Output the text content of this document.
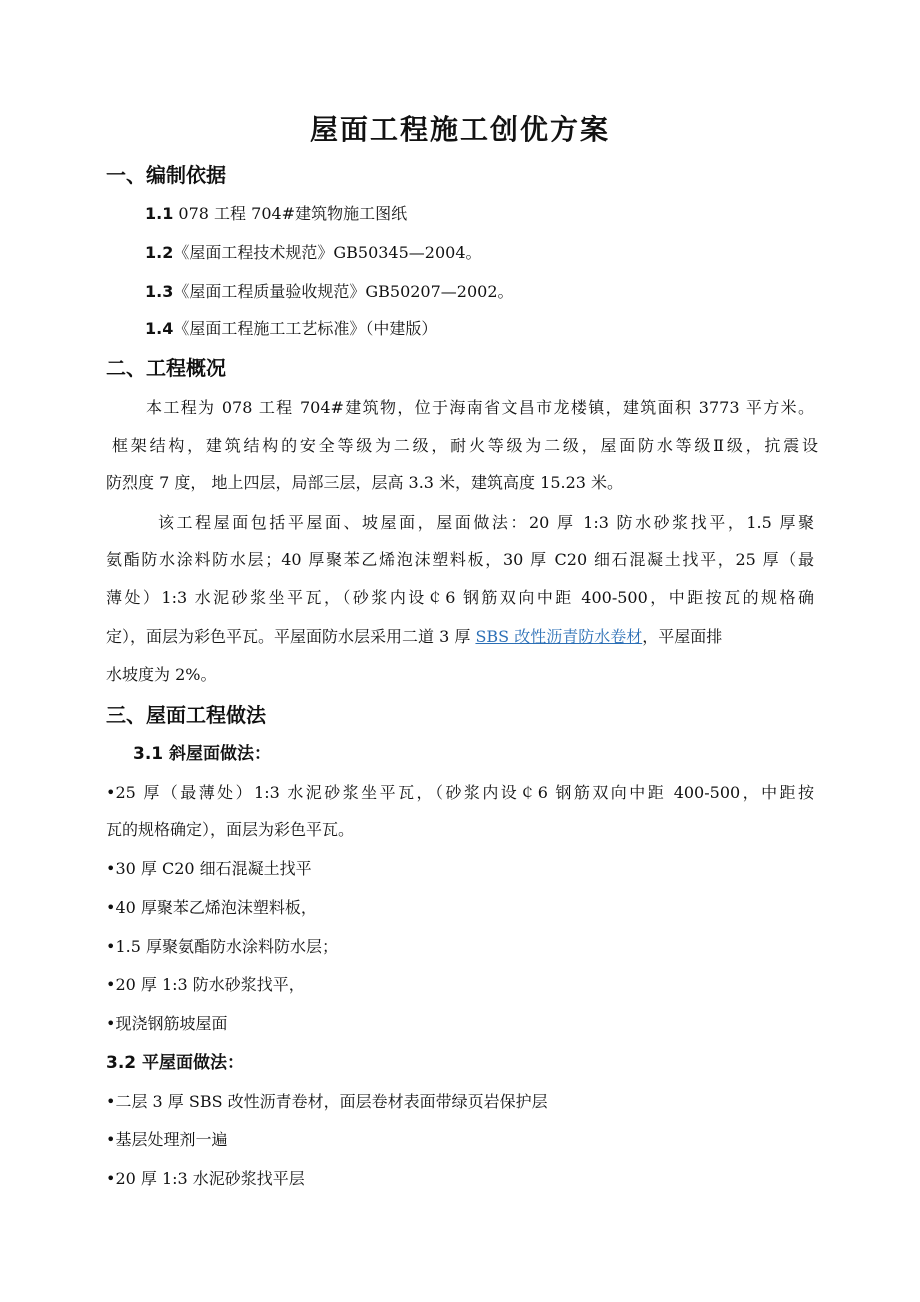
屋面工程施工创优方案
一、编制依据
1.1 078 工程 704#建筑物施工图纸
1.2《屋面工程技术规范》GB50345—2004。
1.3《屋面工程质量验收规范》GB50207—2002。
1.4《屋面工程施工工艺标准》（中建版）
二、工程概况
本工程为 078 工程 704#建筑物，位于海南省文昌市龙楼镇，建筑面积 3773 平方米。
框架结构，建筑结构的安全等级为二级，耐火等级为二级，屋面防水等级Ⅱ级，抗震设
防烈度 7 度， 地上四层，局部三层，层高 3.3 米，建筑高度 15.23 米。
该工程屋面包括平屋面、坡屋面，屋面做法：20 厚 1:3 防水砂浆找平，1.5 厚聚
氨酯防水涂料防水层；40 厚聚苯乙烯泡沫塑料板，30 厚 C20 细石混凝土找平，25 厚（最
薄处）1:3 水泥砂浆坐平瓦，（砂浆内设￠6 钢筋双向中距 400-500，中距按瓦的规格确
定），面层为彩色平瓦。平屋面防水层采用二道 3 厚 SBS 改性沥青防水卷材，平屋面排
水坡度为 2%。
三、屋面工程做法
3.1 斜屋面做法：
•25 厚（最薄处）1:3 水泥砂浆坐平瓦，（砂浆内设￠6 钢筋双向中距 400-500，中距按
瓦的规格确定），面层为彩色平瓦。
•30 厚 C20 细石混凝土找平
•40 厚聚苯乙烯泡沫塑料板，
•1.5 厚聚氨酯防水涂料防水层；
•20 厚 1:3 防水砂浆找平，
•现浇钢筋坡屋面
3.2 平屋面做法：
•二层 3 厚 SBS 改性沥青卷材，面层卷材表面带绿页岩保护层
•基层处理剂一遍
•20 厚 1:3 水泥砂浆找平层
